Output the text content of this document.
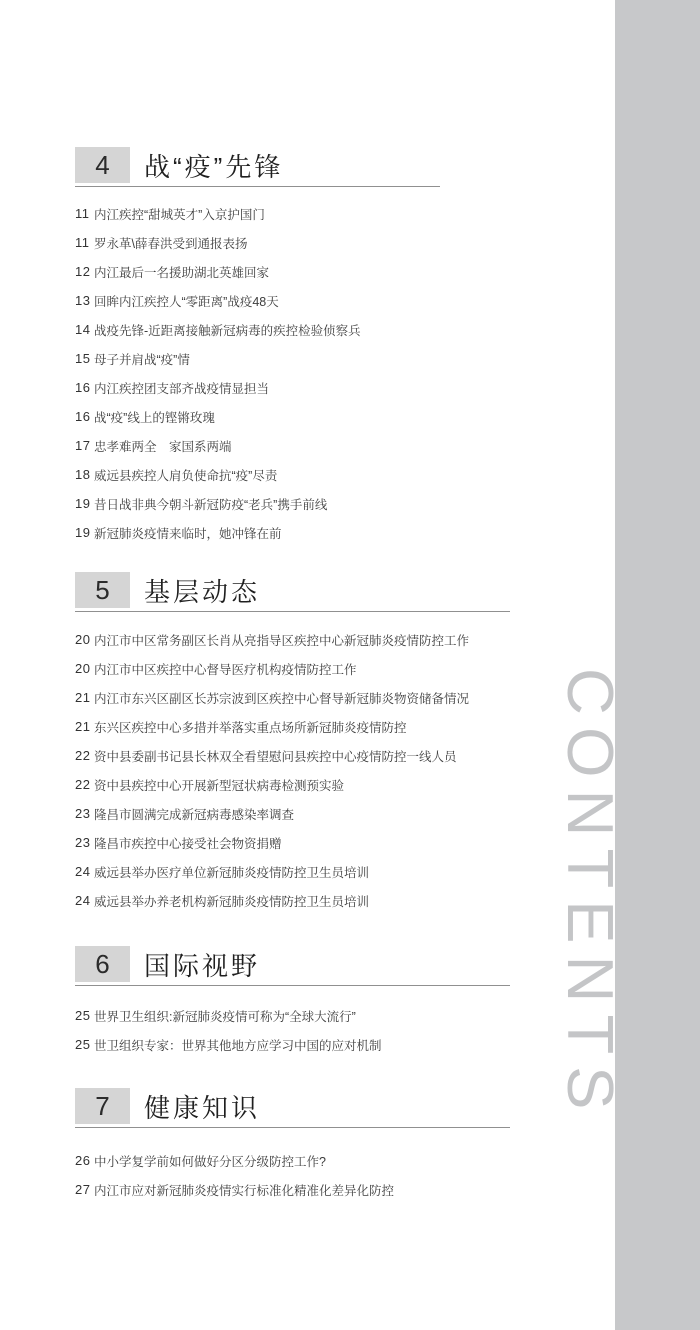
CONTENTS
4	战“疫”先锋
11 内江疾控“甜城英才”入京护国门
11 罗永革\薛春洪受到通报表扬
12 内江最后一名援助湖北英雄回家
13 回眸内江疾控人“零距离”战疫48天
14 战疫先锋-近距离接触新冠病毒的疾控检验侦察兵
15 母子并肩战“疫”情
16 内江疾控团支部齐战疫情显担当
16 战“疫”线上的铿锵玫瑰
17 忠孝难两全　家国系两端
18 威远县疾控人肩负使命抗“疫”尽责
19 昔日战非典今朝斗新冠防疫“老兵”携手前线
19 新冠肺炎疫情来临时，她冲锋在前
5	基层动态
20 内江市中区常务副区长肖从亮指导区疾控中心新冠肺炎疫情防控工作
20 内江市中区疾控中心督导医疗机构疫情防控工作
21 内江市东兴区副区长苏宗波到区疾控中心督导新冠肺炎物资储备情况
21 东兴区疾控中心多措并举落实重点场所新冠肺炎疫情防控
22 资中县委副书记县长林双全看望慰问县疾控中心疫情防控一线人员
22 资中县疾控中心开展新型冠状病毒检测预实验
23 隆昌市圆满完成新冠病毒感染率调查
23 隆昌市疾控中心接受社会物资捐赠
24 威远县举办医疗单位新冠肺炎疫情防控卫生员培训
24 威远县举办养老机构新冠肺炎疫情防控卫生员培训
6	国际视野
25 世界卫生组织:新冠肺炎疫情可称为“全球大流行”
25 世卫组织专家：世界其他地方应学习中国的应对机制
7	健康知识
26 中小学复学前如何做好分区分级防控工作?
27 内江市应对新冠肺炎疫情实行标准化精准化差异化防控
